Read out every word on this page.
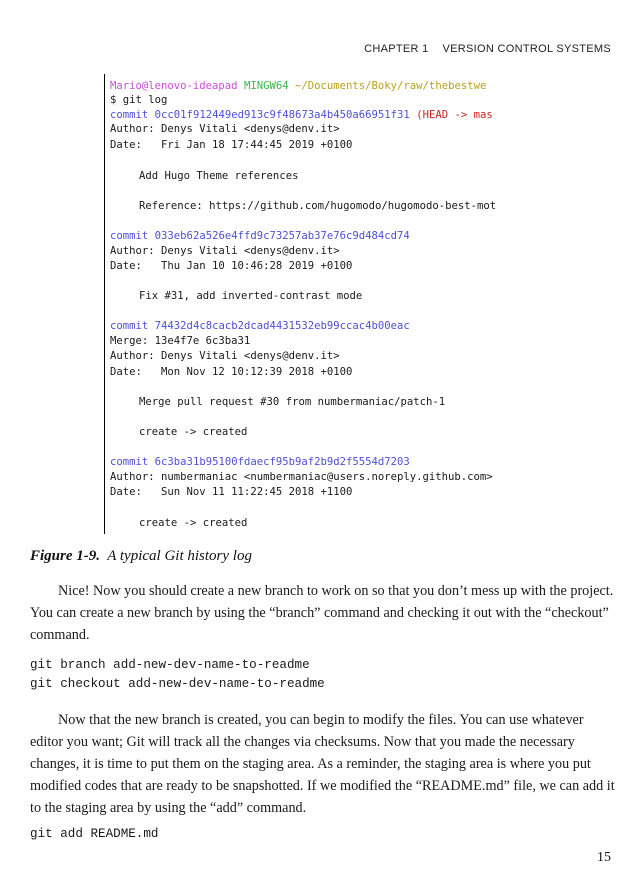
CHAPTER 1 VERSION CONTROL SYSTEMS
Mario@lenovo-ideapad MINGW64 ~/Documents/Boky/raw/thebestwe
$ git log
commit 0cc01f912449ed913c9f48673a4b450a66951f31 (HEAD -> mas
Author: Denys Vitali <denys@denv.it>
Date:   Fri Jan 18 17:44:45 2019 +0100
Add Hugo Theme references
Reference: https://github.com/hugomodo/hugomodo-best-mot
commit 033eb62a526e4ffd9c73257ab37e76c9d484cd74
Author: Denys Vitali <denys@denv.it>
Date:   Thu Jan 10 10:46:28 2019 +0100
Fix #31, add inverted-contrast mode
commit 74432d4c8cacb2dcad4431532eb99ccac4b00eac
Merge: 13e4f7e 6c3ba31
Author: Denys Vitali <denys@denv.it>
Date:   Mon Nov 12 10:12:39 2018 +0100
Merge pull request #30 from numbermaniac/patch-1
create -> created
commit 6c3ba31b95100fdaecf95b9af2b9d2f5554d7203
Author: numbermaniac <numbermaniac@users.noreply.github.com>
Date:   Sun Nov 11 11:22:45 2018 +1100
create -> created
Figure 1-9. A typical Git history log
Nice! Now you should create a new branch to work on so that you don’t mess up with the project. You can create a new branch by using the “branch” command and checking it out with the “checkout” command.
git branch add-new-dev-name-to-readme
git checkout add-new-dev-name-to-readme
Now that the new branch is created, you can begin to modify the files. You can use whatever editor you want; Git will track all the changes via checksums. Now that you made the necessary changes, it is time to put them on the staging area. As a reminder, the staging area is where you put modified codes that are ready to be snapshotted. If we modified the “README.md” file, we can add it to the staging area by using the “add” command.
git add README.md
15
